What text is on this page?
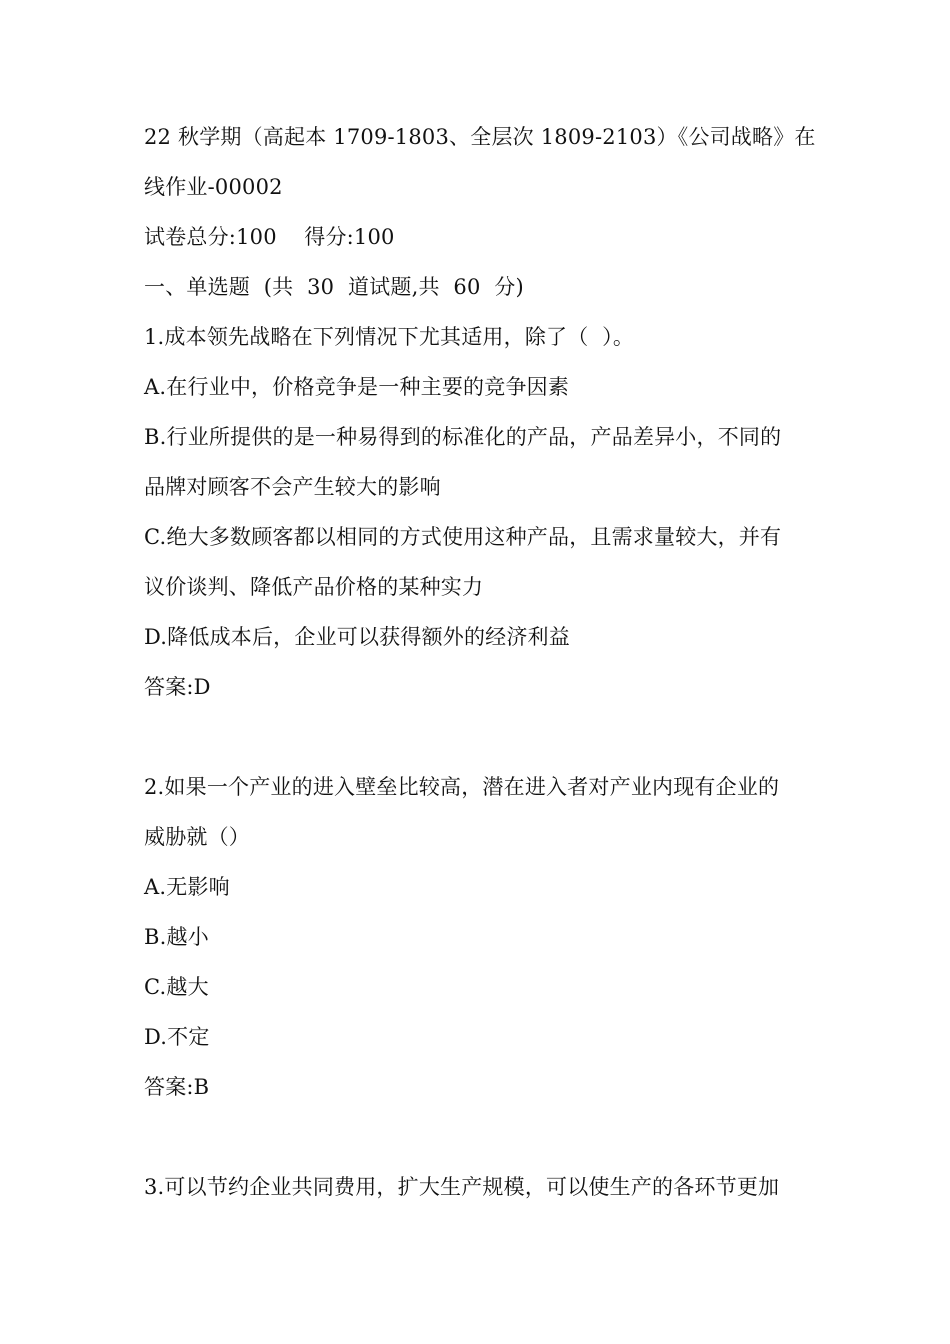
22 秋学期（高起本 1709-1803、全层次 1809-2103）《公司战略》在
线作业-00002
试卷总分:100    得分:100
一、单选题  (共  30  道试题,共  60  分)
1.成本领先战略在下列情况下尤其适用，除了（  ）。
A.在行业中，价格竞争是一种主要的竞争因素
B.行业所提供的是一种易得到的标准化的产品，产品差异小，不同的
品牌对顾客不会产生较大的影响
C.绝大多数顾客都以相同的方式使用这种产品，且需求量较大，并有
议价谈判、降低产品价格的某种实力
D.降低成本后，企业可以获得额外的经济利益
答案:D
2.如果一个产业的进入壁垒比较高，潜在进入者对产业内现有企业的
威胁就（）
A.无影响
B.越小
C.越大
D.不定
答案:B
3.可以节约企业共同费用，扩大生产规模，可以使生产的各环节更加
